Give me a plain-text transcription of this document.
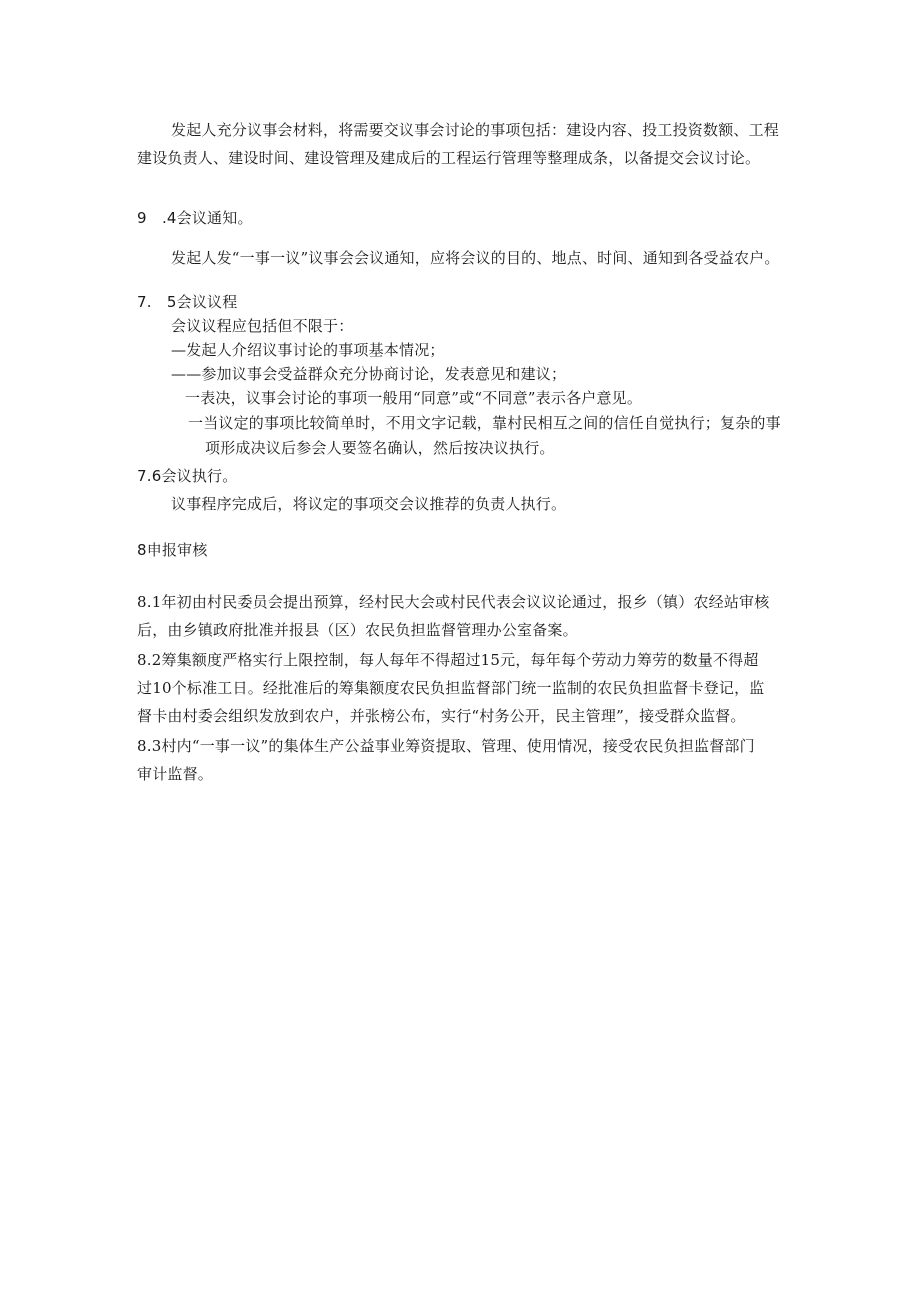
发起人充分议事会材料，将需要交议事会讨论的事项包括：建设内容、投工投资数额、工程
建设负责人、建设时间、建设管理及建成后的工程运行管理等整理成条，以备提交会议讨论。
9　.4会议通知。
发起人发“一事一议”议事会会议通知，应将会议的目的、地点、时间、通知到各受益农户。
7.　5会议议程
会议议程应包括但不限于：
—发起人介绍议事讨论的事项基本情况；
——参加议事会受益群众充分协商讨论，发表意见和建议；
一表决，议事会讨论的事项一般用“同意”或“不同意”表示各户意见。
一当议定的事项比较简单时，不用文字记载，靠村民相互之间的信任自觉执行；复杂的事
项形成决议后参会人要签名确认，然后按决议执行。
7.6会议执行。
议事程序完成后，将议定的事项交会议推荐的负责人执行。
8申报审核
8.1年初由村民委员会提出预算，经村民大会或村民代表会议议论通过，报乡（镇）农经站审核
后，由乡镇政府批准并报县（区）农民负担监督管理办公室备案。
8.2筹集额度严格实行上限控制，每人每年不得超过15元，每年每个劳动力筹劳的数量不得超
过10个标准工日。经批准后的筹集额度农民负担监督部门统一监制的农民负担监督卡登记，监
督卡由村委会组织发放到农户，并张榜公布，实行“村务公开，民主管理”，接受群众监督。
8.3村内“一事一议”的集体生产公益事业筹资提取、管理、使用情况，接受农民负担监督部门
审计监督。
